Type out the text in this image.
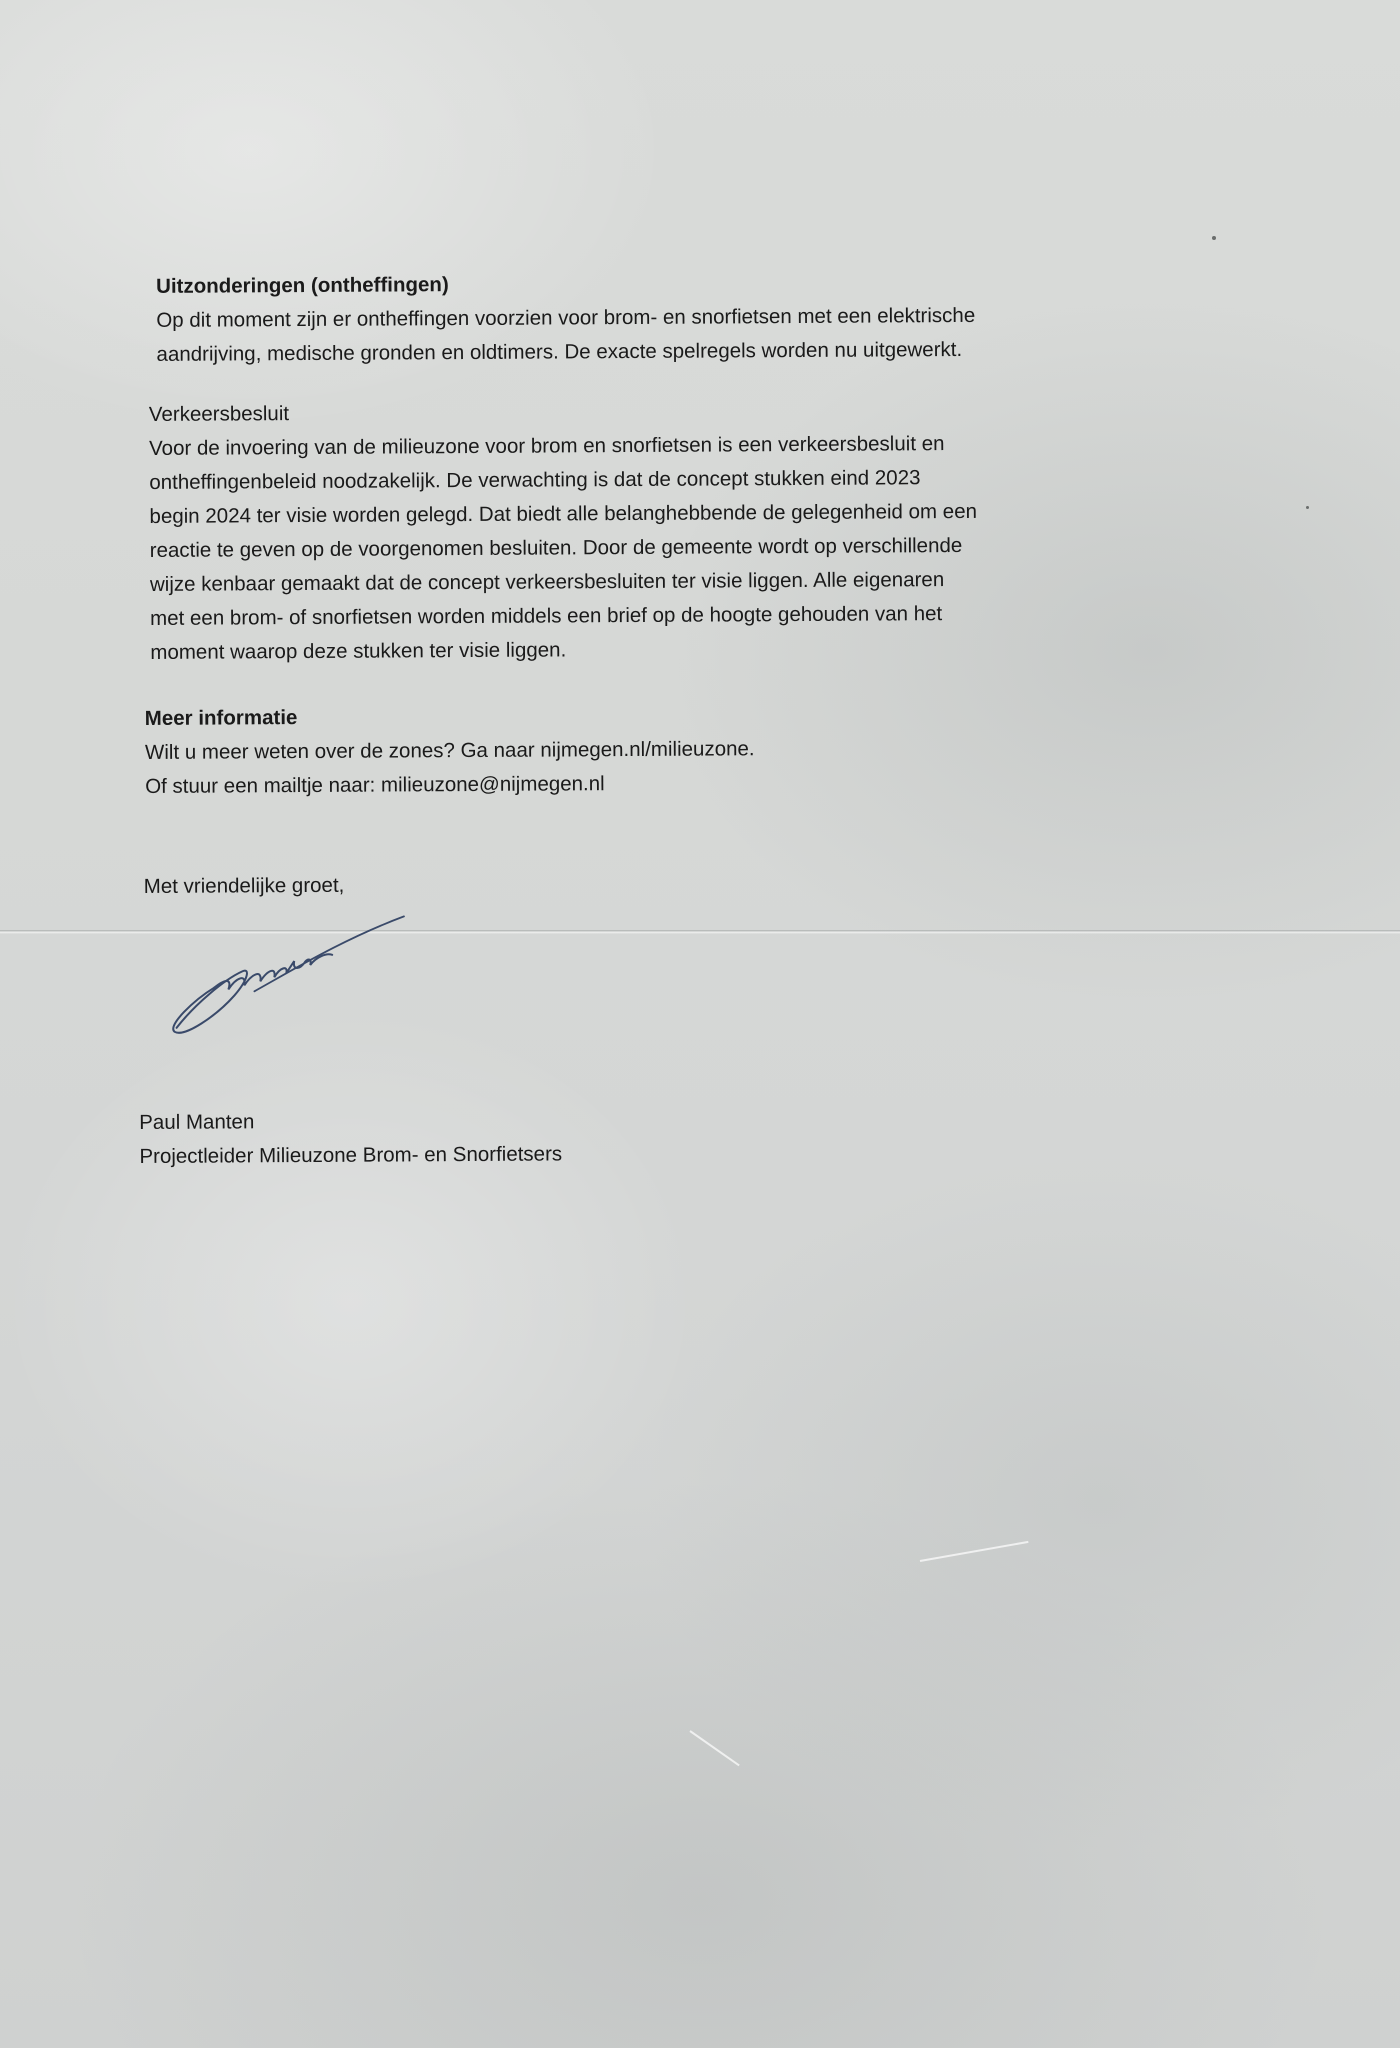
Uitzonderingen (ontheffingen)

Op dit moment zijn er ontheffingen voorzien voor brom- en snorfietsen met een elektrische

aandrijving, medische gronden en oldtimers. De exacte spelregels worden nu uitgewerkt.

Verkeersbesluit

Voor de invoering van de milieuzone voor brom en snorfietsen is een verkeersbesluit en

ontheffingenbeleid noodzakelijk. De verwachting is dat de concept stukken eind 2023

begin 2024 ter visie worden gelegd. Dat biedt alle belanghebbende de gelegenheid om een

reactie te geven op de voorgenomen besluiten. Door de gemeente wordt op verschillende

wijze kenbaar gemaakt dat de concept verkeersbesluiten ter visie liggen. Alle eigenaren

met een brom- of snorfietsen worden middels een brief op de hoogte gehouden van het

moment waarop deze stukken ter visie liggen.

Meer informatie

Wilt u meer weten over de zones? Ga naar nijmegen.nl/milieuzone.

Of stuur een mailtje naar: milieuzone@nijmegen.nl

Met vriendelijke groet,

Paul Manten

Projectleider Milieuzone Brom- en Snorfietsers
